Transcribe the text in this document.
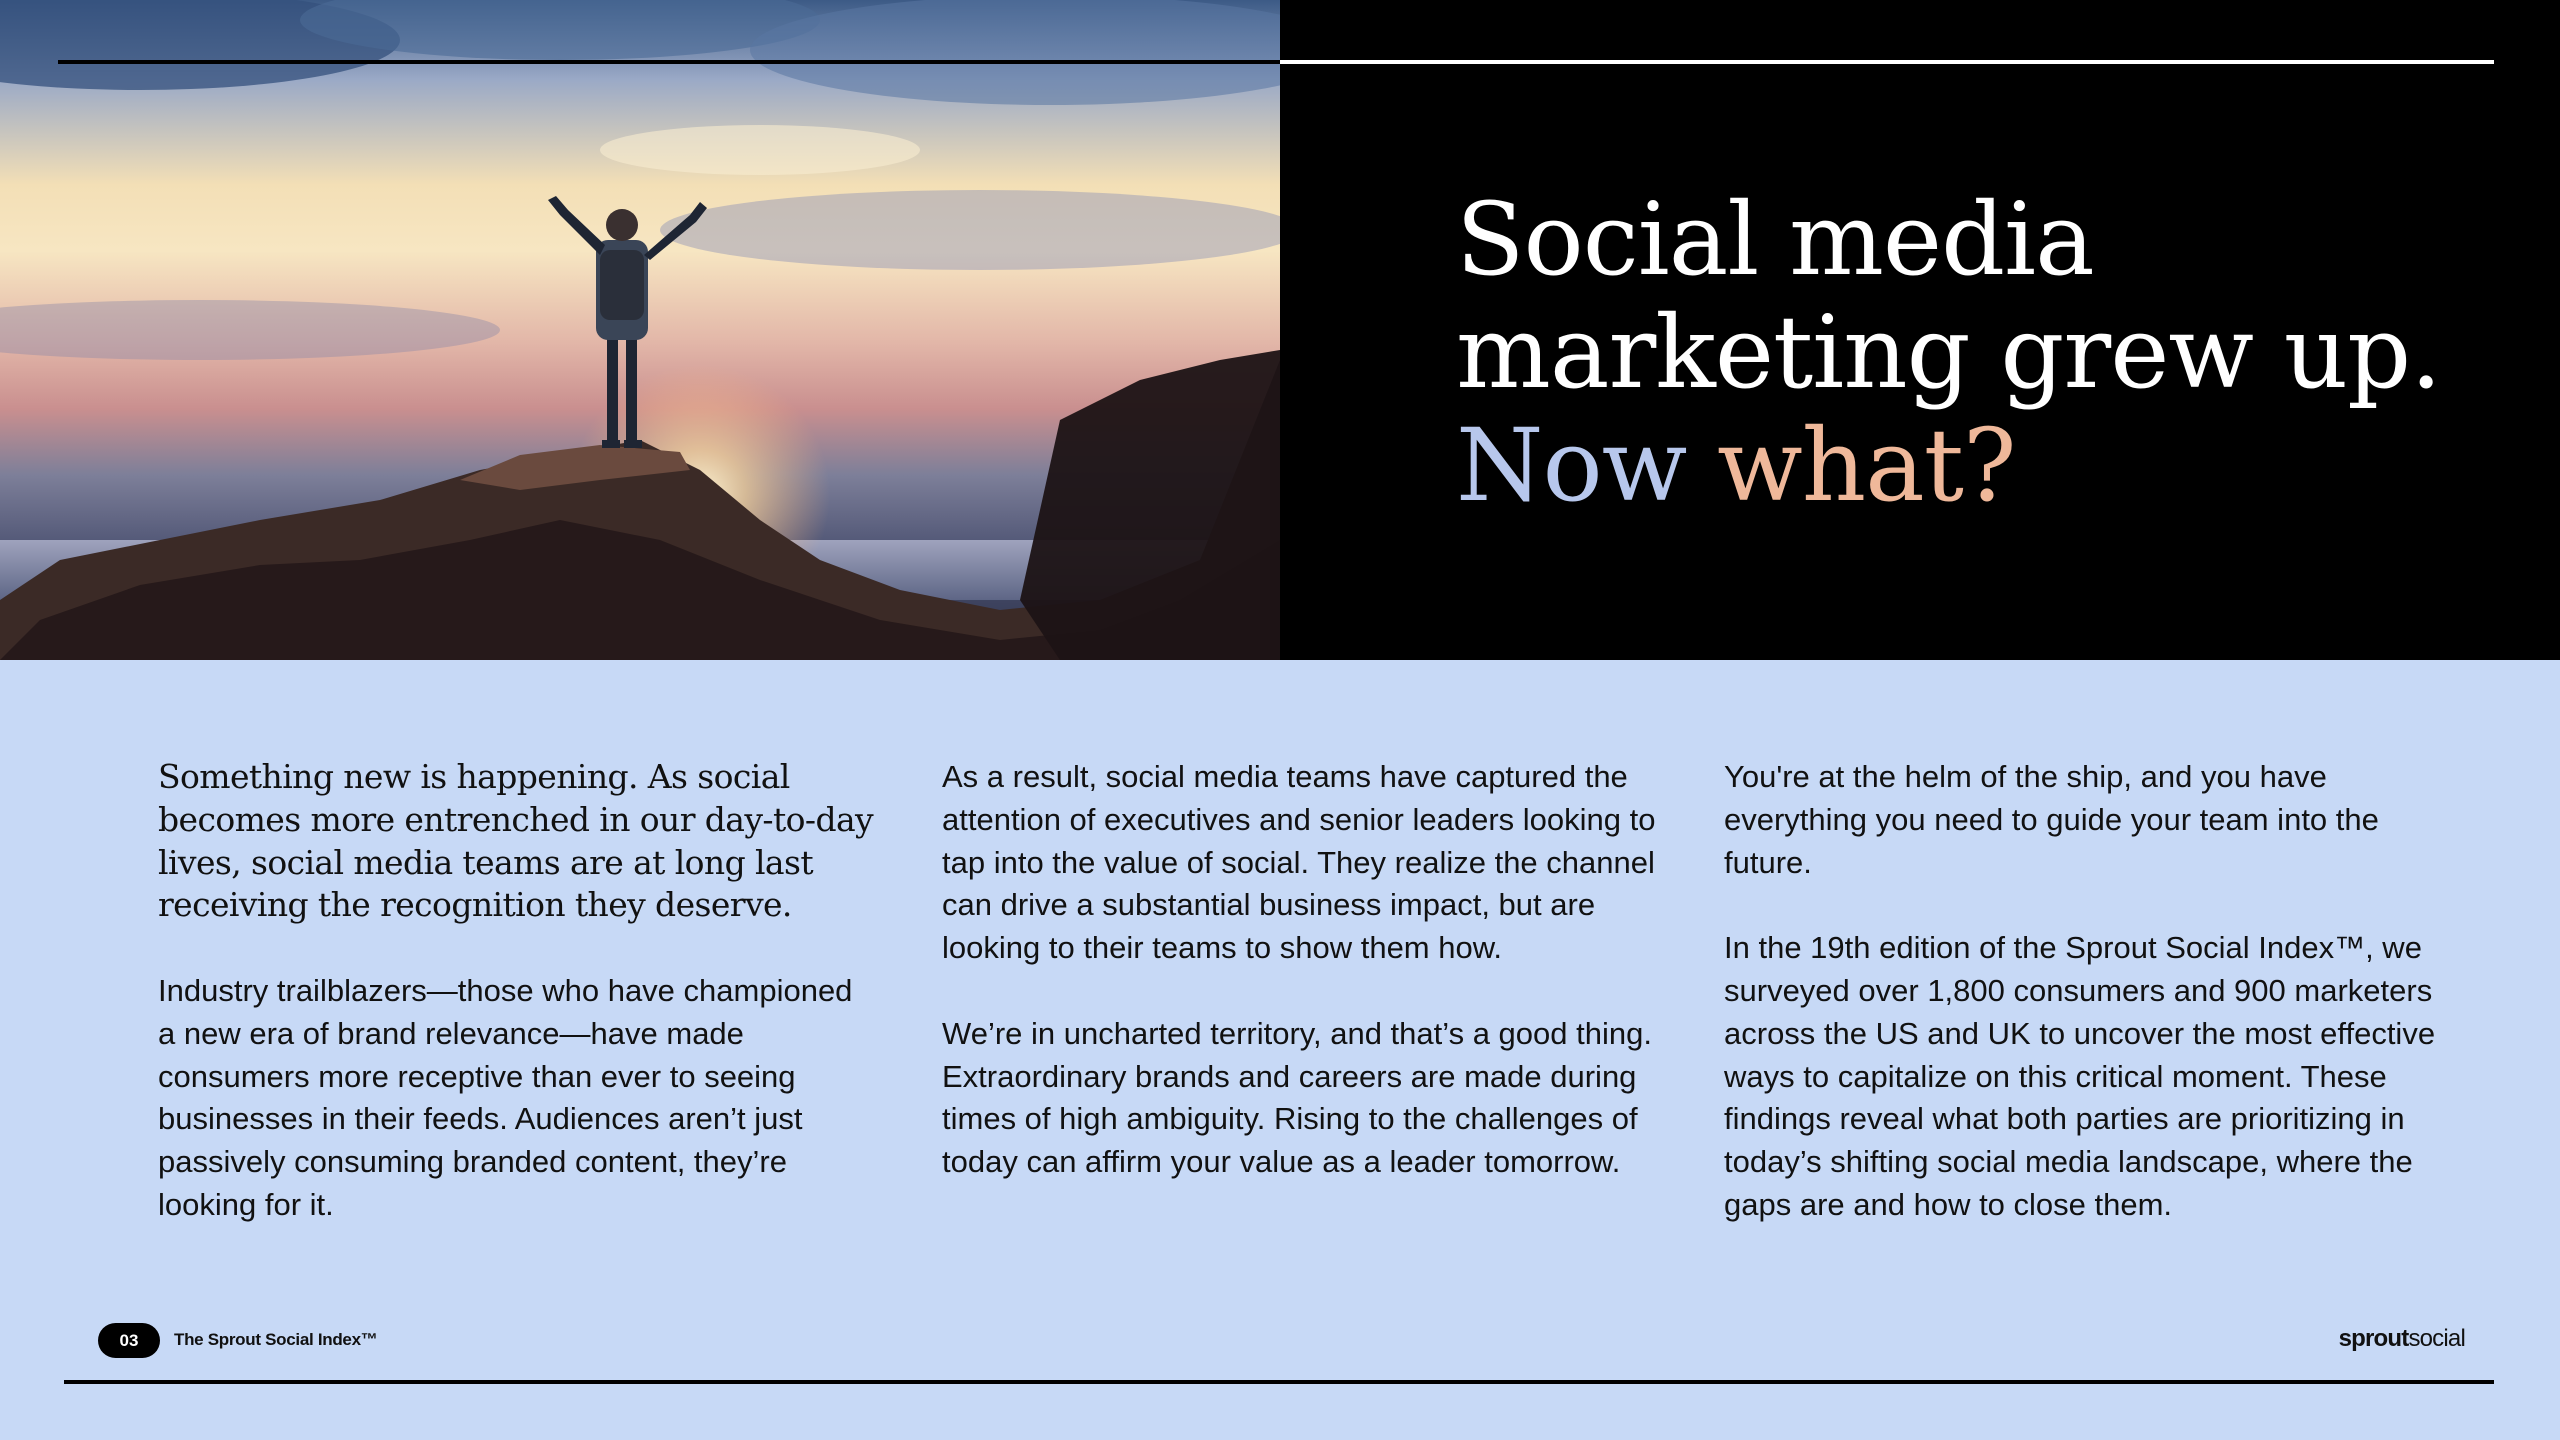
Social media
marketing grew up.
Now what?

Something new is happening. As social becomes more entrenched in our day-to-day lives, social media teams are at long last receiving the recognition they deserve.

Industry trailblazers—those who have championed a new era of brand relevance—have made consumers more receptive than ever to seeing businesses in their feeds. Audiences aren’t just passively consuming branded content, they’re looking for it.

As a result, social media teams have captured the attention of executives and senior leaders looking to tap into the value of social. They realize the channel can drive a substantial business impact, but are looking to their teams to show them how.

We’re in uncharted territory, and that’s a good thing. Extraordinary brands and careers are made during times of high ambiguity. Rising to the challenges of today can affirm your value as a leader tomorrow.

You're at the helm of the ship, and you have everything you need to guide your team into the future.

In the 19th edition of the Sprout Social Index™, we surveyed over 1,800 consumers and 900 marketers across the US and UK to uncover the most effective ways to capitalize on this critical moment. These findings reveal what both parties are prioritizing in today’s shifting social media landscape, where the gaps are and how to close them.

03	The Sprout Social Index™	sproutsocial
